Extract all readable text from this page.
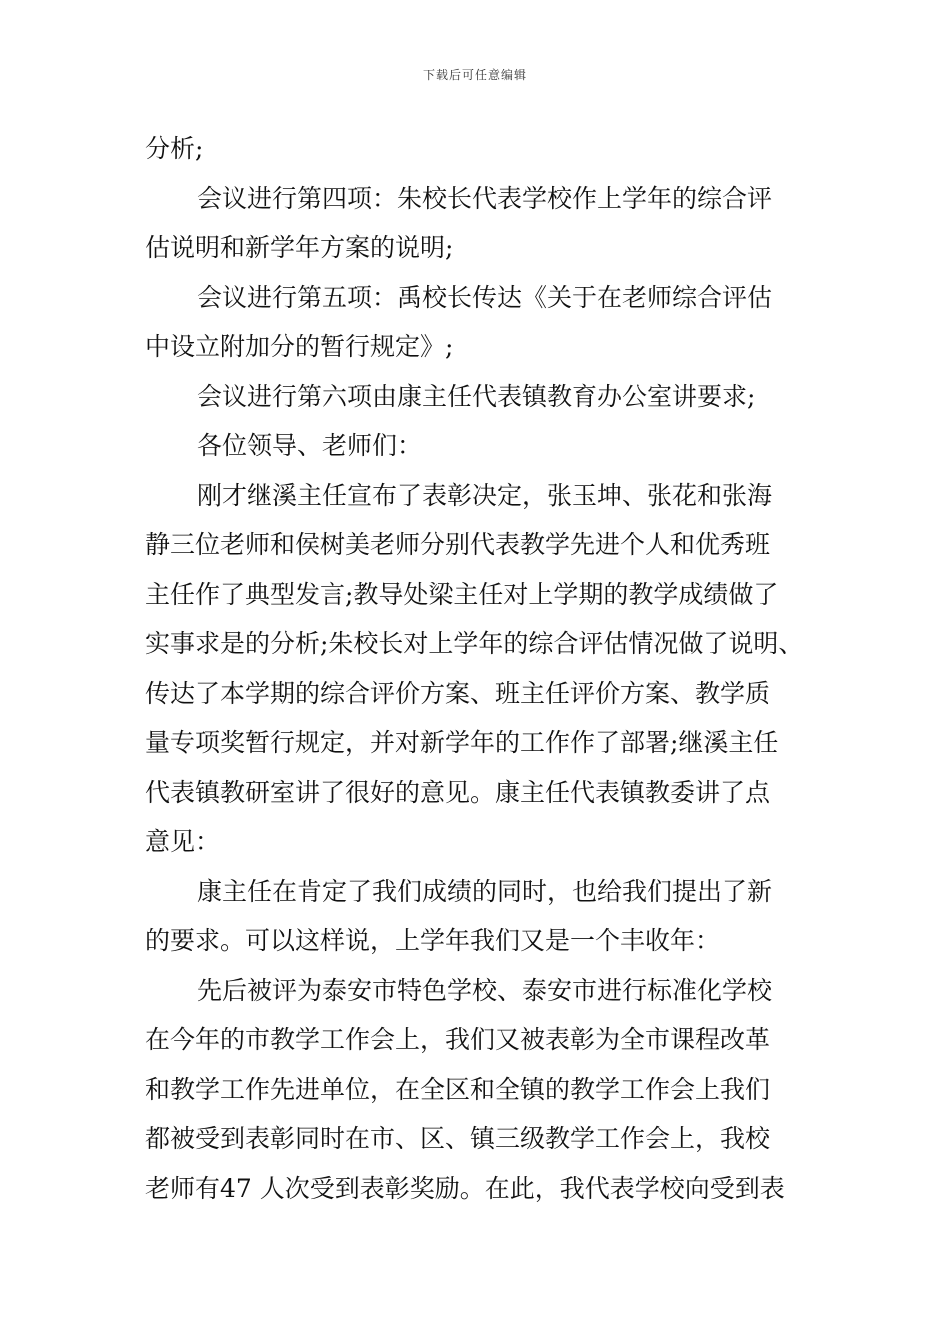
下载后可任意编辑
分析;
会议进行第四项：朱校长代表学校作上学年的综合评
估说明和新学年方案的说明;
会议进行第五项：禹校长传达《关于在老师综合评估
中设立附加分的暂行规定》;
会议进行第六项由康主任代表镇教育办公室讲要求;
各位领导、老师们：
刚才继溪主任宣布了表彰决定，张玉坤、张花和张海
静三位老师和侯树美老师分别代表教学先进个人和优秀班
主任作了典型发言;教导处梁主任对上学期的教学成绩做了
实事求是的分析;朱校长对上学年的综合评估情况做了说明、
传达了本学期的综合评价方案、班主任评价方案、教学质
量专项奖暂行规定，并对新学年的工作作了部署;继溪主任
代表镇教研室讲了很好的意见。康主任代表镇教委讲了点
意见：
康主任在肯定了我们成绩的同时，也给我们提出了新
的要求。可以这样说，上学年我们又是一个丰收年：
先后被评为泰安市特色学校、泰安市进行标准化学校
在今年的市教学工作会上，我们又被表彰为全市课程改革
和教学工作先进单位，在全区和全镇的教学工作会上我们
都被受到表彰同时在市、区、镇三级教学工作会上，我校
老师有47 人次受到表彰奖励。在此，我代表学校向受到表
